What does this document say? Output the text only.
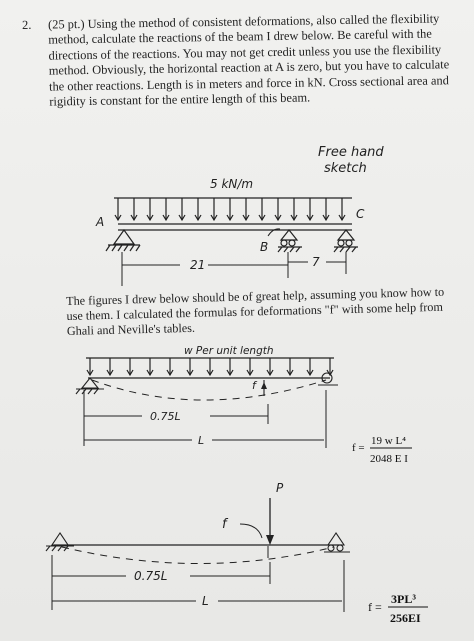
2. (25 pt.) Using the method of consistent deformations, also called the flexibility method, calculate the reactions of the beam I drew below. Be careful with the directions of the reactions. You may not get credit unless you use the flexibility method. Obviously, the horizontal reaction at A is zero, but you have to calculate the other reactions. Length is in meters and force in kN. Cross sectional area and rigidity is constant for the entire length of this beam.

Free hand
sketch
5 kN/m
A
B
C
21	7
w Per unit length
f
0.75L
L
f =
19 w L⁴
2048 E I
P
f
0.75L
L	f =
3PL³
256EI
The figures I drew below should be of great help, assuming you know how to use them. I calculated the formulas for deformations "f" with some help from Ghali and Neville's tables.
